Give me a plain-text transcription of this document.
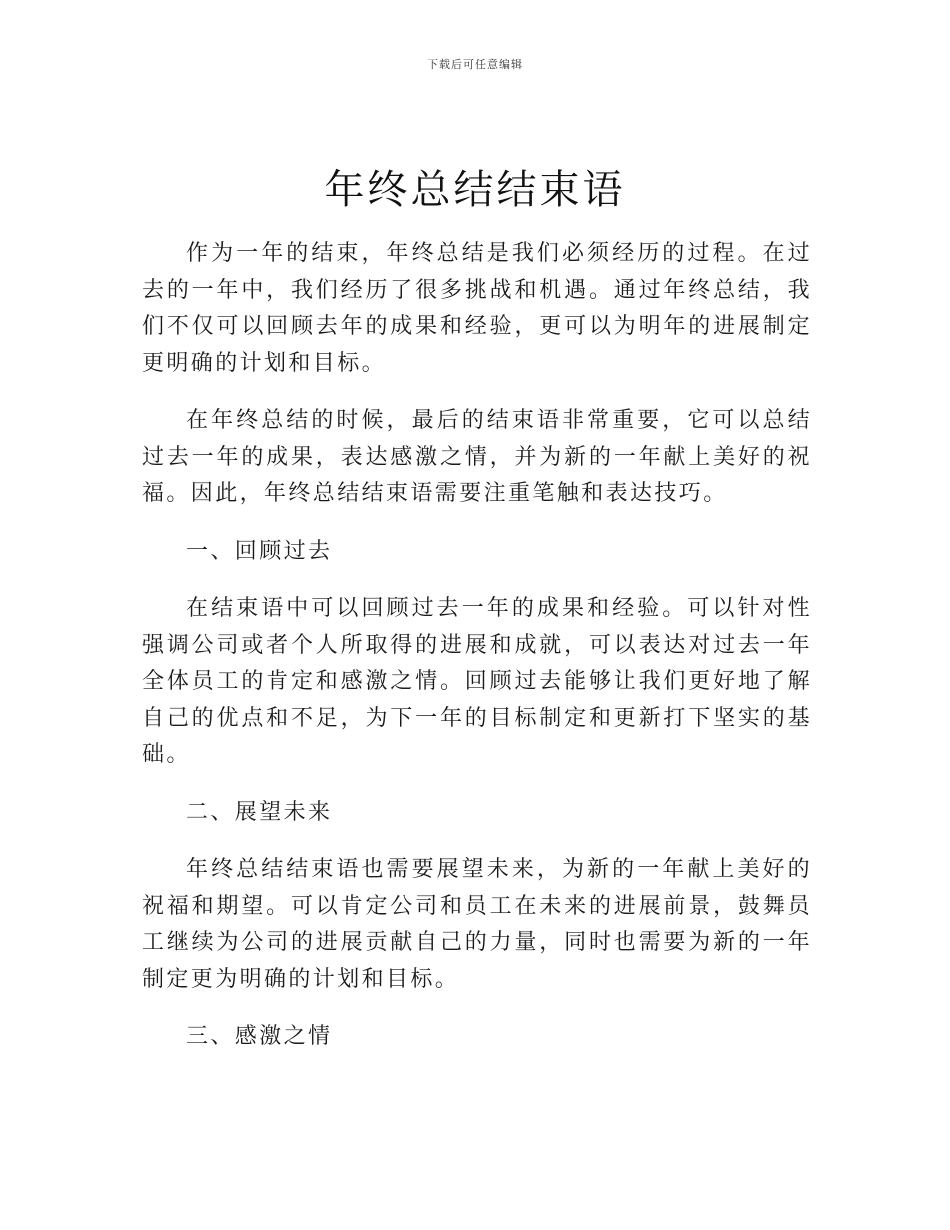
下载后可任意编辑
年终总结结束语

作为一年的结束，年终总结是我们必须经历的过程。在过去的一年中，我们经历了很多挑战和机遇。通过年终总结，我们不仅可以回顾去年的成果和经验，更可以为明年的进展制定更明确的计划和目标。

在年终总结的时候，最后的结束语非常重要，它可以总结过去一年的成果，表达感激之情，并为新的一年献上美好的祝福。因此，年终总结结束语需要注重笔触和表达技巧。

一、回顾过去

在结束语中可以回顾过去一年的成果和经验。可以针对性强调公司或者个人所取得的进展和成就，可以表达对过去一年全体员工的肯定和感激之情。回顾过去能够让我们更好地了解自己的优点和不足，为下一年的目标制定和更新打下坚实的基础。

二、展望未来

年终总结结束语也需要展望未来，为新的一年献上美好的祝福和期望。可以肯定公司和员工在未来的进展前景，鼓舞员工继续为公司的进展贡献自己的力量，同时也需要为新的一年制定更为明确的计划和目标。

三、感激之情
